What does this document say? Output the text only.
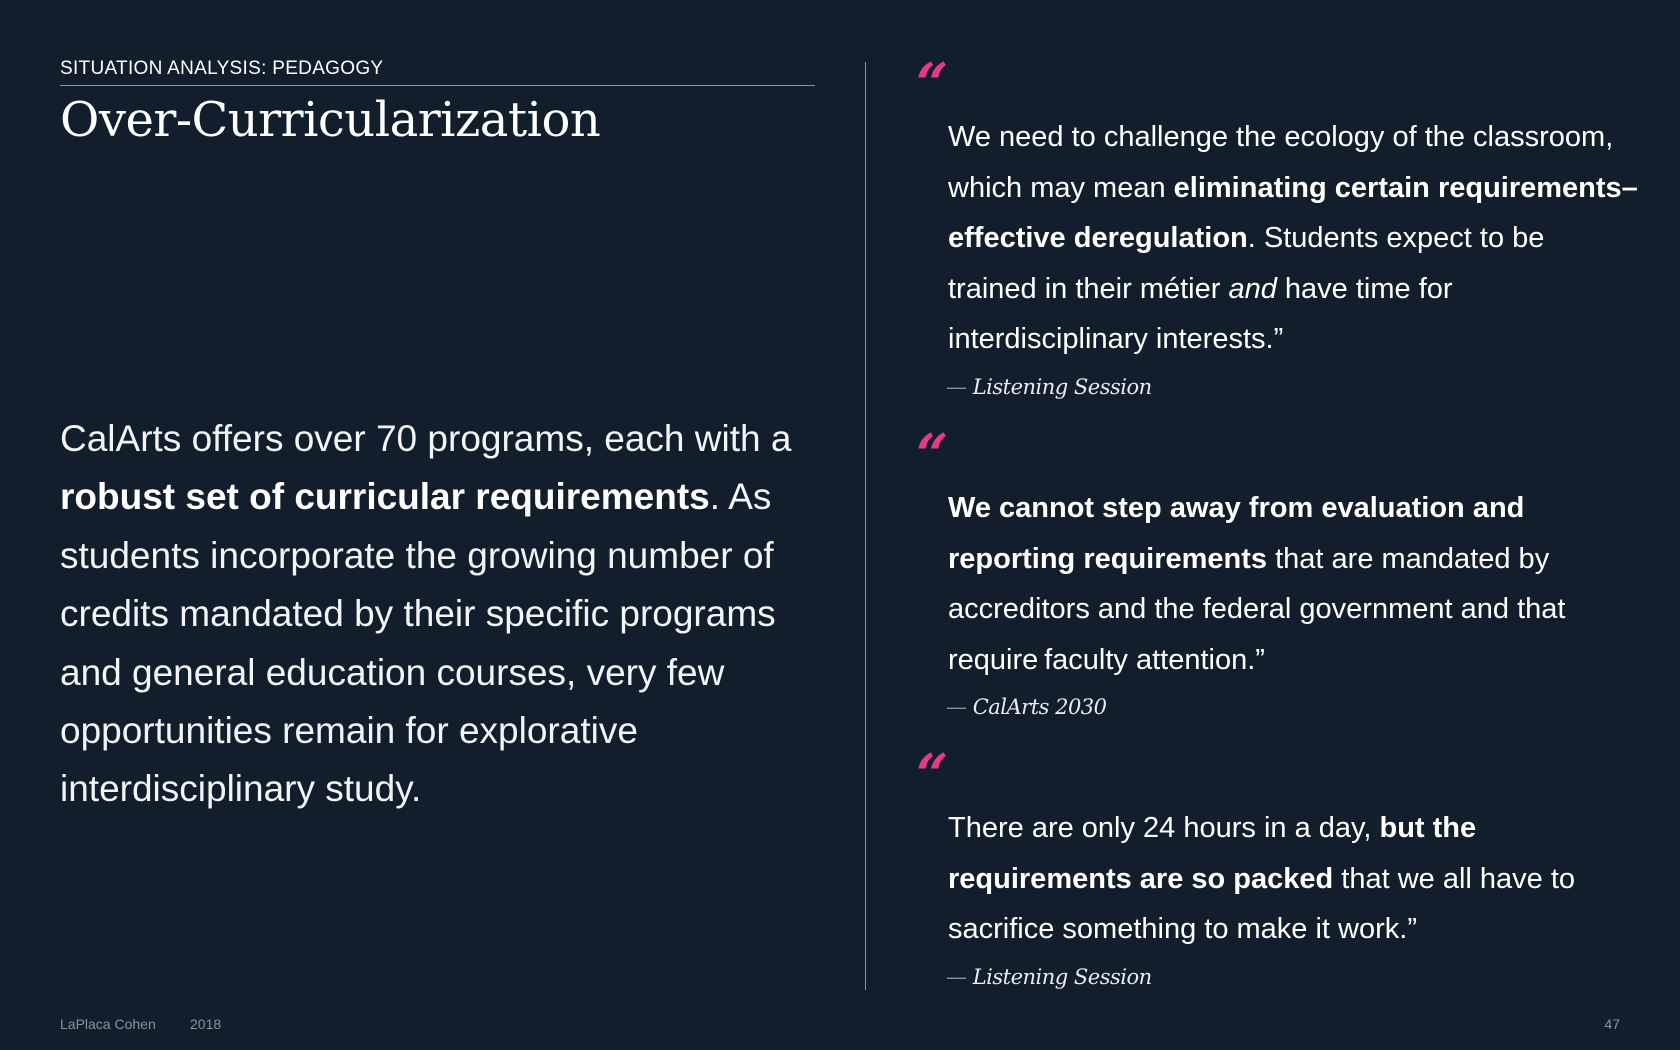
SITUATION ANALYSIS: PEDAGOGY
Over-Curricularization

CalArts offers over 70 programs, each with a robust set of curricular requirements. As students incorporate the growing number of credits mandated by their specific programs and general education courses, very few opportunities remain for explorative interdisciplinary study.

“

We need to challenge the ecology of the classroom,
which may mean eliminating certain requirements–
effective deregulation. Students expect to be
trained in their métier and have time for
interdisciplinary interests.”

— Listening Session
“

We cannot step away from evaluation and
reporting requirements that are mandated by
accreditors and the federal government and that
require faculty attention.”

— CalArts 2030
“

There are only 24 hours in a day, but the
requirements are so packed that we all have to
sacrifice something to make it work.”

— Listening Session
LaPlaca Cohen 2018	47
